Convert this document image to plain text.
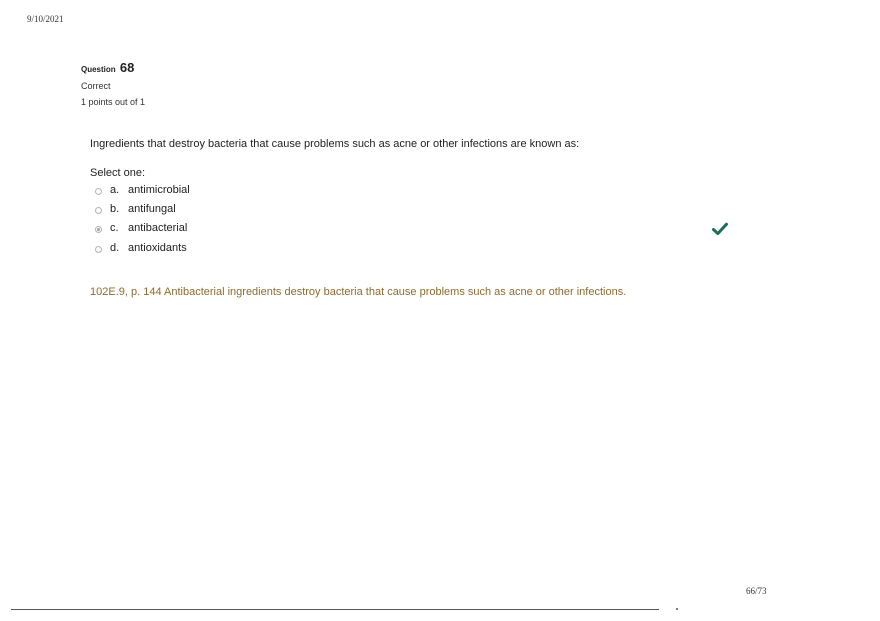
9/10/2021
Question 68
Correct
1 points out of 1
Ingredients that destroy bacteria that cause problems such as acne or other infections are known as:
Select one:
a. antimicrobial
b. antifungal
c. antibacterial
d. antioxidants
102E.9, p. 144 Antibacterial ingredients destroy bacteria that cause problems such as acne or other infections.
66/73
